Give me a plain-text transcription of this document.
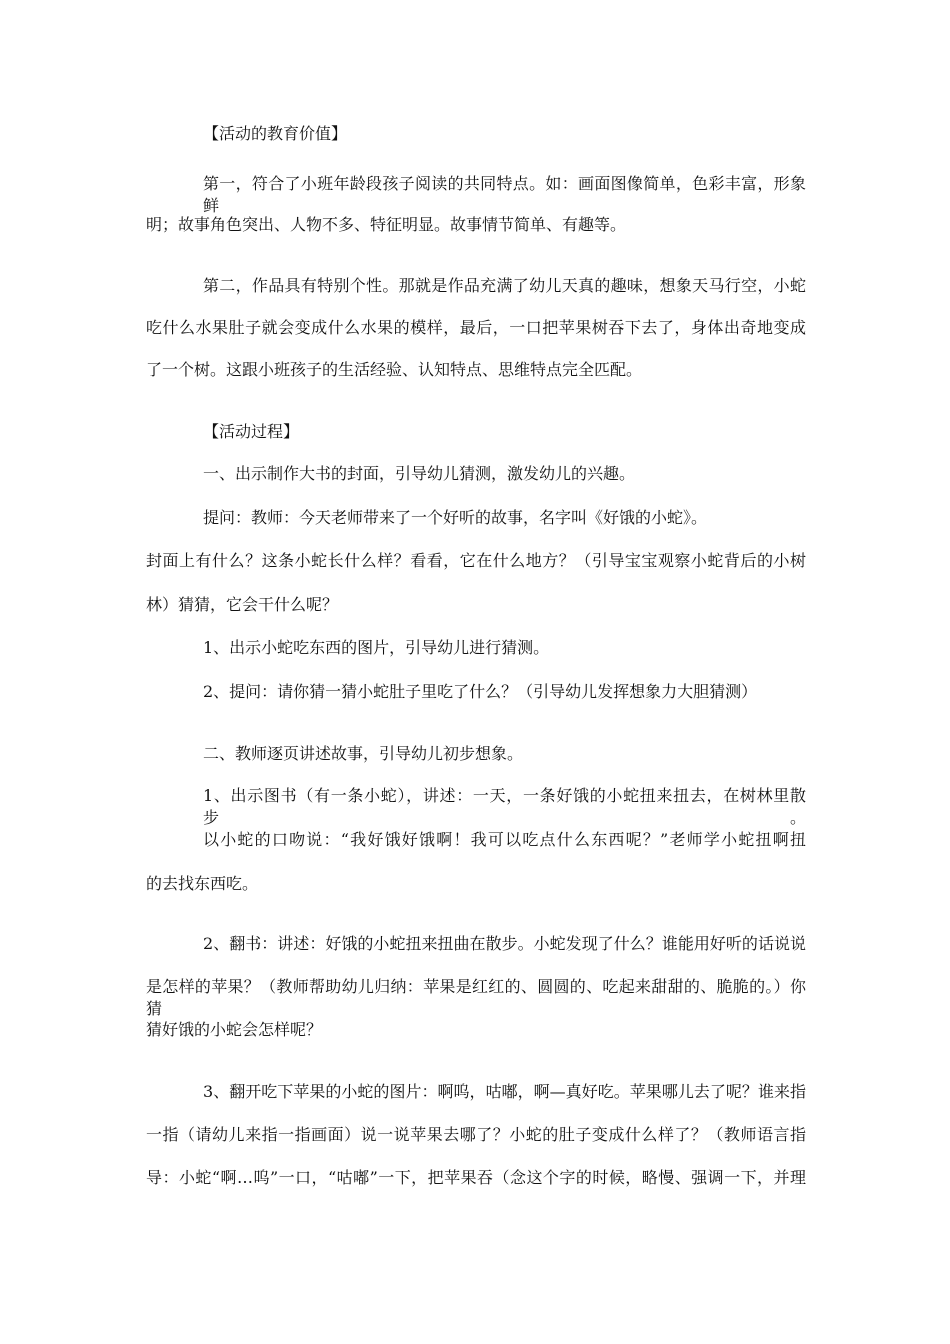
【活动的教育价值】

第一，符合了小班年龄段孩子阅读的共同特点。如：画面图像简单，色彩丰富，形象鲜

明；故事角色突出、人物不多、特征明显。故事情节简单、有趣等。

第二，作品具有特别个性。那就是作品充满了幼儿天真的趣味，想象天马行空，小蛇

吃什么水果肚子就会变成什么水果的模样，最后，一口把苹果树吞下去了，身体出奇地变成

了一个树。这跟小班孩子的生活经验、认知特点、思维特点完全匹配。

【活动过程】

一、出示制作大书的封面，引导幼儿猜测，激发幼儿的兴趣。

提问：教师：今天老师带来了一个好听的故事，名字叫《好饿的小蛇》。

封面上有什么？这条小蛇长什么样？看看，它在什么地方？（引导宝宝观察小蛇背后的小树

林）猜猜，它会干什么呢？

1、出示小蛇吃东西的图片，引导幼儿进行猜测。

2、提问：请你猜一猜小蛇肚子里吃了什么？（引导幼儿发挥想象力大胆猜测）

二、教师逐页讲述故事，引导幼儿初步想象。

1、出示图书（有一条小蛇），讲述：一天，一条好饿的小蛇扭来扭去，在树林里散步。

以小蛇的口吻说：“我好饿好饿啊！我可以吃点什么东西呢？”老师学小蛇扭啊扭

的去找东西吃。

2、翻书：讲述：好饿的小蛇扭来扭曲在散步。小蛇发现了什么？谁能用好听的话说说

是怎样的苹果？（教师帮助幼儿归纳：苹果是红红的、圆圆的、吃起来甜甜的、脆脆的。）你猜

猜好饿的小蛇会怎样呢？

3、翻开吃下苹果的小蛇的图片：啊呜，咕嘟，啊—真好吃。苹果哪儿去了呢？谁来指

一指（请幼儿来指一指画面）说一说苹果去哪了？小蛇的肚子变成什么样了？（教师语言指

导：小蛇“啊…呜”一口，“咕嘟”一下，把苹果吞（念这个字的时候，略慢、强调一下，并理
